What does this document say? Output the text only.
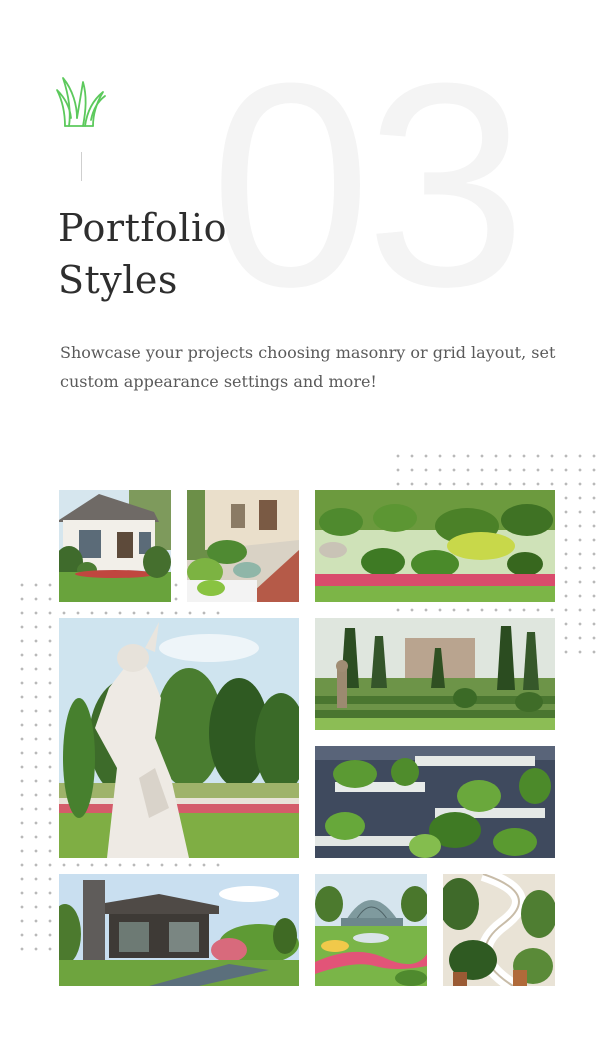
03
Portfolio
Styles

Showcase your projects choosing masonry or grid layout, set custom appearance settings and more!
